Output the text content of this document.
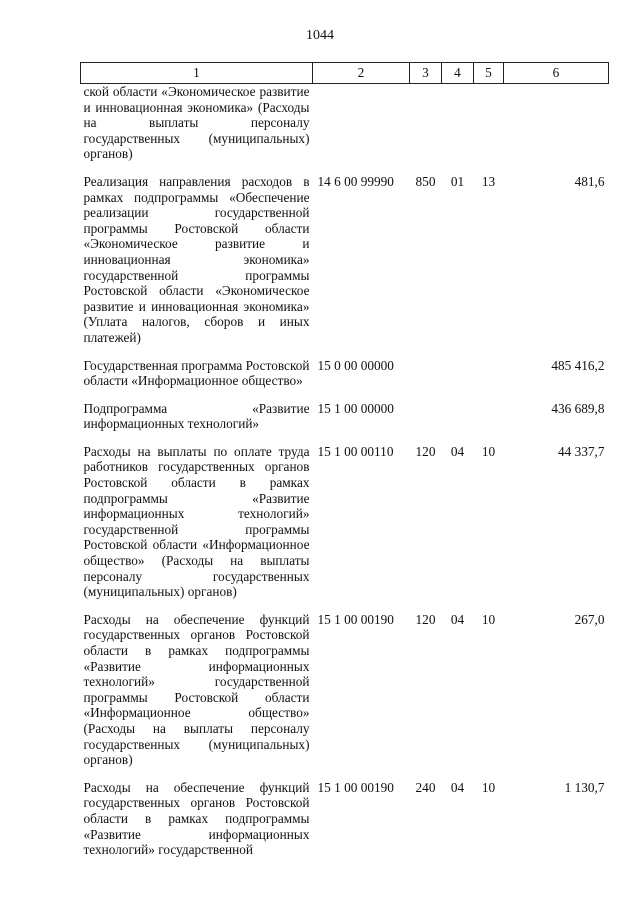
1044
1	2	3	4	5	6
ской области «Экономическое развитие и инновационная экономика» (Расходы на выплаты персоналу государственных (муниципальных) органов)					
Реализация направления расходов в рамках подпрограммы «Обеспечение реализации государственной программы Ростовской области «Экономическое развитие и инновационная экономика» государственной программы Ростовской области «Экономическое развитие и инновационная экономика» (Уплата налогов, сборов и иных платежей)	14 6 00 99990	850	01	13	481,6
Государственная программа Ростовской области «Информационное общество»	15 0 00 00000				485 416,2
Подпрограмма «Развитие информационных технологий»	15 1 00 00000				436 689,8
Расходы на выплаты по оплате труда работников государственных органов Ростовской области в рамках подпрограммы «Развитие информационных технологий» государственной программы Ростовской области «Информационное общество» (Расходы на выплаты персоналу государственных (муниципальных) органов)	15 1 00 00110	120	04	10	44 337,7
Расходы на обеспечение функций государственных органов Ростовской области в рамках подпрограммы «Развитие информационных технологий» государственной программы Ростовской области «Информационное общество» (Расходы на выплаты персоналу государственных (муниципальных) органов)	15 1 00 00190	120	04	10	267,0
Расходы на обеспечение функций государственных органов Ростовской области в рамках подпрограммы «Развитие информационных технологий» государственной	15 1 00 00190	240	04	10	1 130,7
